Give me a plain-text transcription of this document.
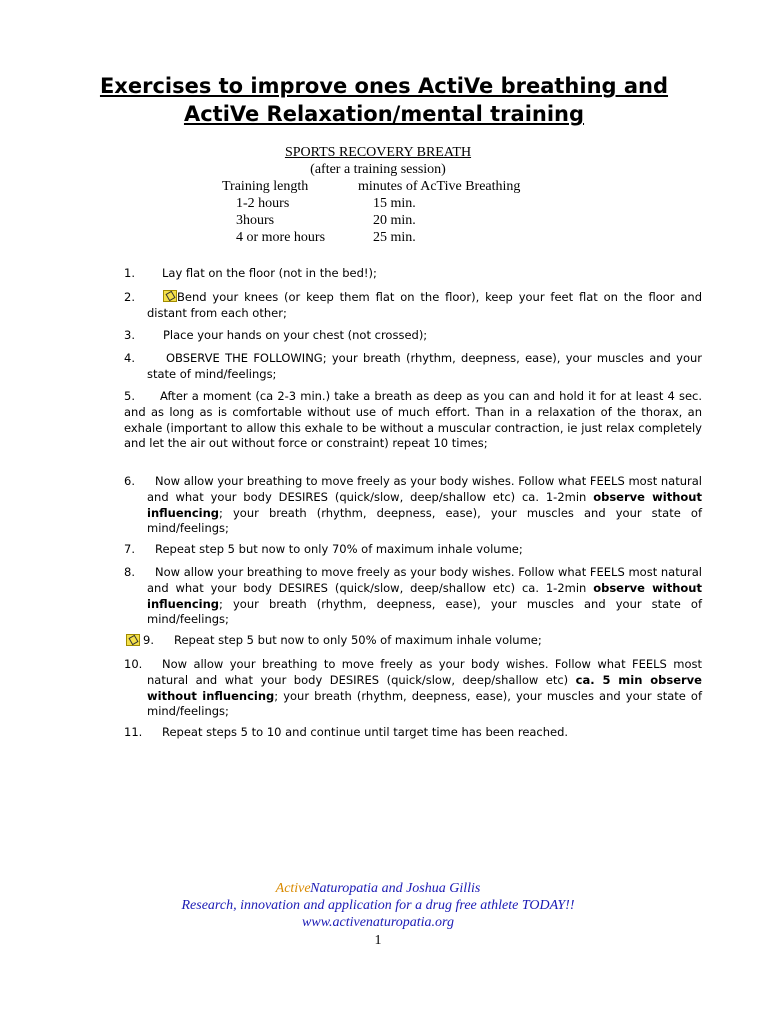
Exercises to improve ones ActiVe breathing and
ActiVe Relaxation/mental training
SPORTS RECOVERY BREATH
(after a training session)
Training length	minutes of AcTive Breathing
1-2 hours	15 min.
3hours	20 min.
4 or more hours	25 min.
1.	Lay flat on the floor (not in the bed!);
2.	Bend your knees (or keep them flat on the floor), keep your feet flat on the floor and distant from each other;
3.	Place your hands on your chest (not crossed);
4.	OBSERVE THE FOLLOWING; your breath (rhythm, deepness, ease), your muscles and your state of mind/feelings;
5.	After a moment (ca 2-3 min.) take a breath as deep as you can and hold it for at least 4 sec. and as long as is comfortable without use of much effort. Than in a relaxation of the thorax, an exhale (important to allow this exhale to be without a muscular contraction, ie just relax completely and let the air out without force or constraint) repeat 10 times;
6.	Now allow your breathing to move freely as your body wishes. Follow what FEELS most natural and what your body DESIRES (quick/slow, deep/shallow etc) ca. 1-2min observe without influencing; your breath (rhythm, deepness, ease), your muscles and your state of mind/feelings;
7.	Repeat step 5 but now to only 70% of maximum inhale volume;
8.	Now allow your breathing to move freely as your body wishes. Follow what FEELS most natural and what your body DESIRES (quick/slow, deep/shallow etc) ca. 1-2min observe without influencing; your breath (rhythm, deepness, ease), your muscles and your state of mind/feelings;
9.	Repeat step 5 but now to only 50% of maximum inhale volume;
10.	Now allow your breathing to move freely as your body wishes. Follow what FEELS most natural and what your body DESIRES (quick/slow, deep/shallow etc) ca. 5 min observe without influencing; your breath (rhythm, deepness, ease), your muscles and your state of mind/feelings;
11.	Repeat steps 5 to 10 and continue until target time has been reached.
Active Naturopatia and Joshua Gillis
Research, innovation and application for a drug free athlete TODAY!!
www.activenaturopatia.org
1
